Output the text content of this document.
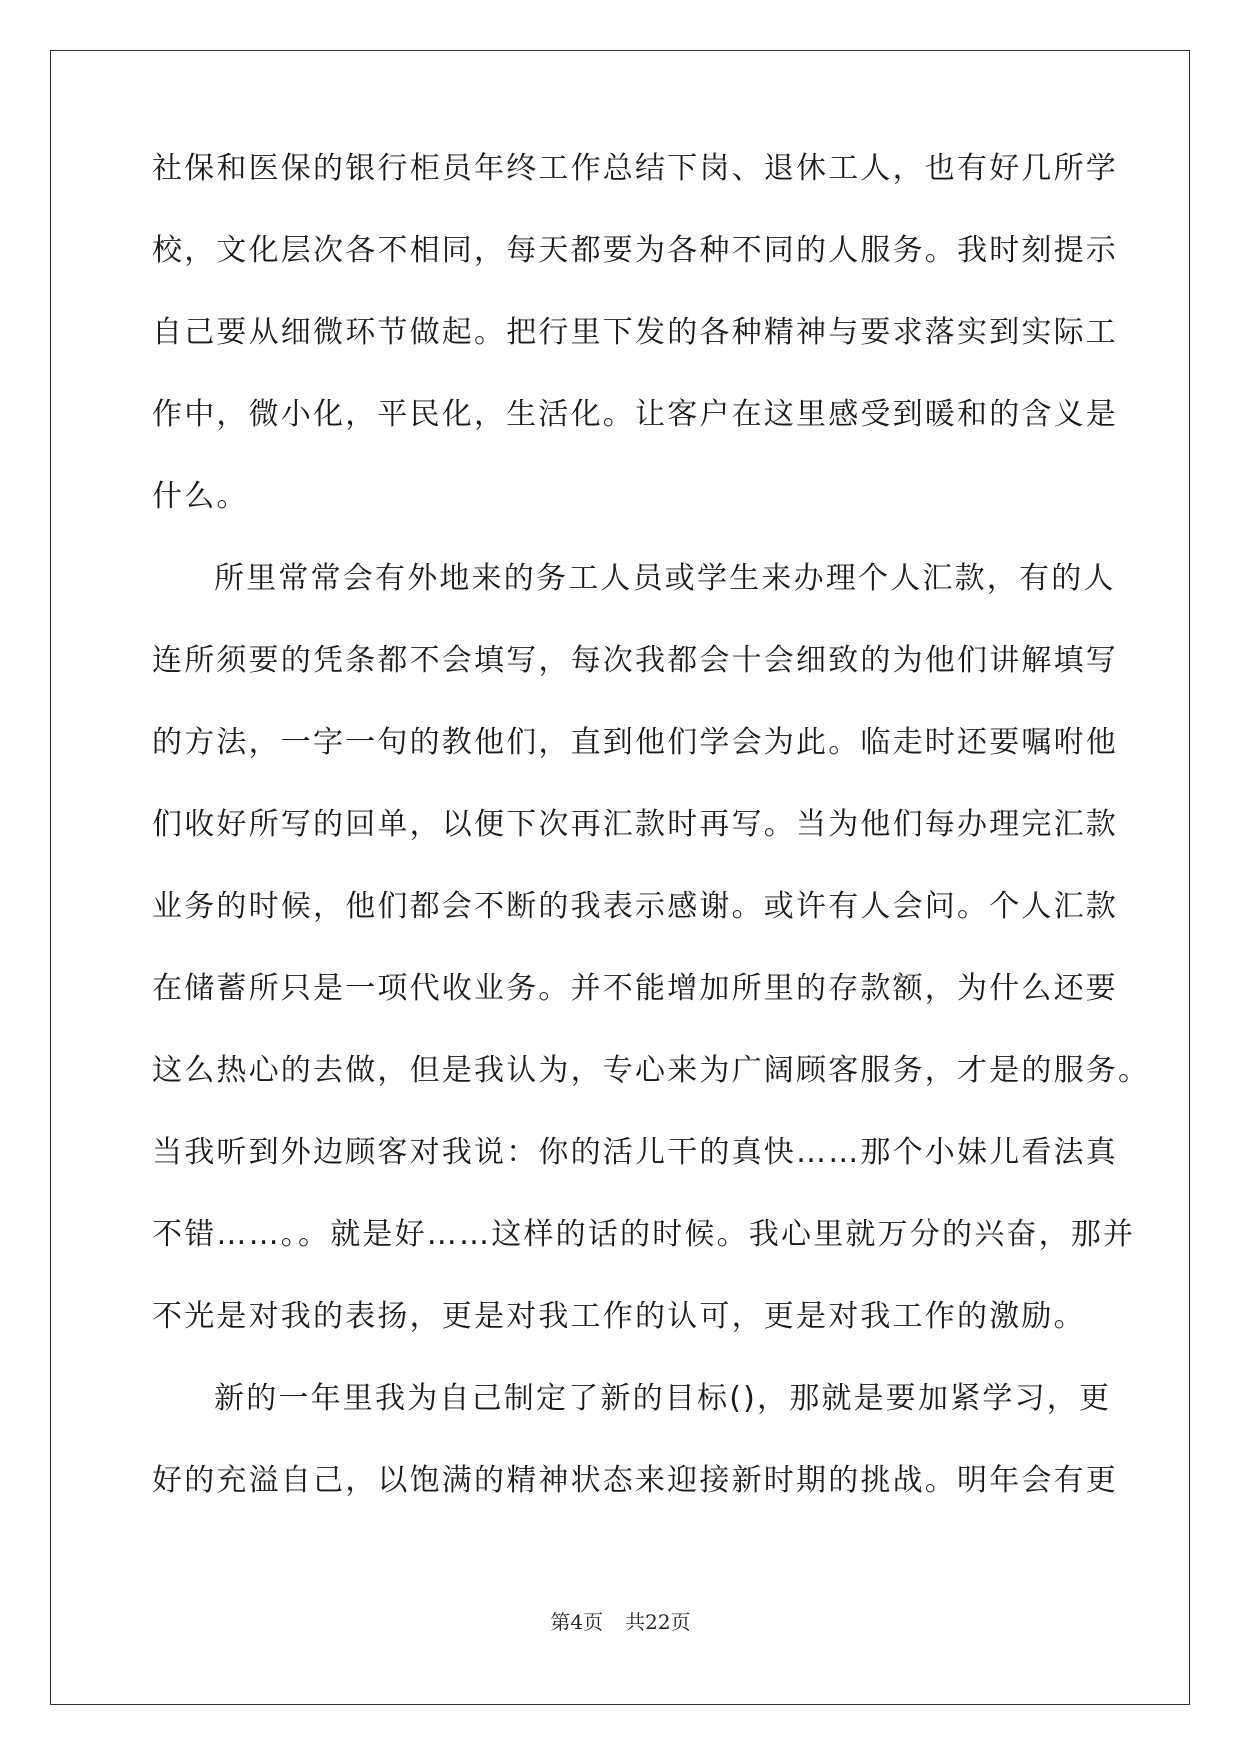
社保和医保的银行柜员年终工作总结下岗、退休工人，也有好几所学
校，文化层次各不相同，每天都要为各种不同的人服务。我时刻提示
自己要从细微环节做起。把行里下发的各种精神与要求落实到实际工
作中，微小化，平民化，生活化。让客户在这里感受到暖和的含义是
什么。
所里常常会有外地来的务工人员或学生来办理个人汇款，有的人
连所须要的凭条都不会填写，每次我都会十会细致的为他们讲解填写
的方法，一字一句的教他们，直到他们学会为此。临走时还要嘱咐他
们收好所写的回单，以便下次再汇款时再写。当为他们每办理完汇款
业务的时候，他们都会不断的我表示感谢。或许有人会问。个人汇款
在储蓄所只是一项代收业务。并不能增加所里的存款额，为什么还要
这么热心的去做，但是我认为，专心来为广阔顾客服务，才是的服务。
当我听到外边顾客对我说：你的活儿干的真快……那个小妹儿看法真
不错……。。就是好……这样的话的时候。我心里就万分的兴奋，那并
不光是对我的表扬，更是对我工作的认可，更是对我工作的激励。
新的一年里我为自己制定了新的目标()，那就是要加紧学习，更
好的充溢自己，以饱满的精神状态来迎接新时期的挑战。明年会有更
第4页 共22页
